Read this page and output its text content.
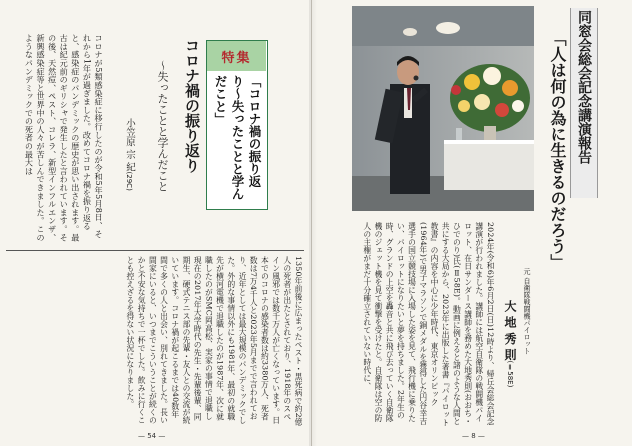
コロナが5類感染症に移行したのが令和5年5月8日、それから1年が過ぎました。改めてコロナ禍を振り返ると、感染症のパンデミックの歴史が思い出されます。最古は紀元前のギリシャで発生したと言われています。その後、天然痘、ペスト、コレラ、新型インフルエンザ、新興感染症等と世界中の人々が苦しんできました。このようなパンデミックでの死者の最大は	小笠原 宗 紀(29C)	〜失ったことと学んだこと コロナ禍の振り返り 特集
「コロナ禍の振り返り〜失ったことと学んだこと」
1350年前後に広まったペスト・黒死病で約2億人の死者が出たとされており、1918年のスペイン風邪では数千万人が亡くなっています。日本でのコロナの感染者数は約3380万人、死者数は7万4千人と2023年5月までで言われており、近年としては最大規模のパンデミックでした。外的な事情以外にも1981年、最初の就職先が横河電機で退職したのが1987年、次に就職したのがSMC岡高松、実家の事情で退職し現在の2017年大学時代の先生・先輩後輩、同期生、硬式テニス部の先輩・友人との交流が続いています。コロナ禍が起こるまでは40数年間で多くの人と出会い、別れてきました。長い間家にいると、いつまでこういうことが続くのかと不安な気持ちで一杯でした。飲みに行くことも控えざるを得ない状況になりました。
— 54 —	— 8 —
同窓会総会記念講演報告
「人は何の為に生きるのだろう」
元 自衛隊戦闘機パイロット
大 地 秀 則(Ⅱ58E)
2024年(令和6)年6月2日(日)12時より、帰丘会総会記念講演が行われました。講師には航空自衛隊の戦闘機パイロット、在日サンダース講師を務めた大地秀則(おおち・ひでのり)氏(Ⅱ58E)。動画に例えると諸のような人間と共にする大局から、2023年に出版した著書『パイロット教書』の内容を中心に少年時代、東京オリンピック(1964年)で男子マラソンで銅メダルを獲得した円谷幸吉選手の国立競技場に入場した姿を見て、飛行機に乗りたい、パイロットになりたいと夢を持ちました。2年生の時、グランドの上空を轟音と共に飛び去っていく自衛隊機のジェット機を見て衝撃を受けたと。自衛隊は空の防人の主権がまだ十分確立されていない時代に、
